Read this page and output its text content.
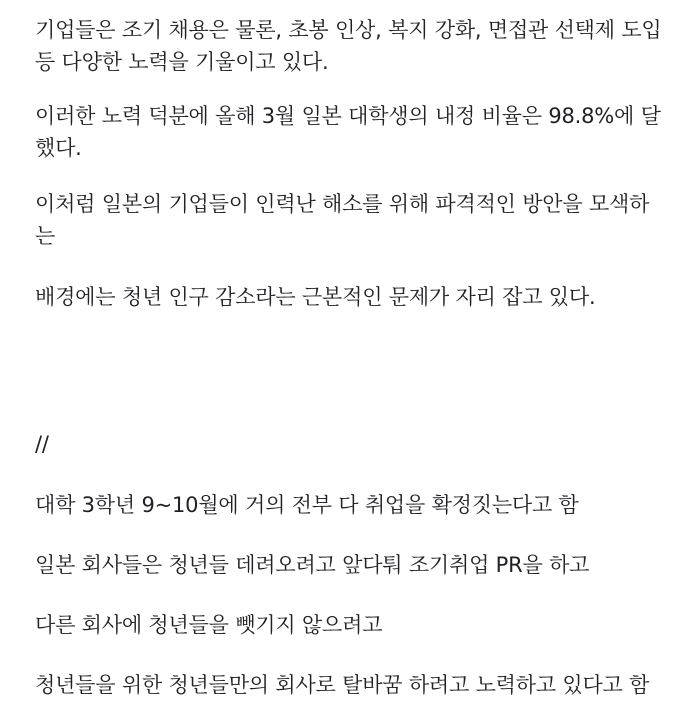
기업들은 조기 채용은 물론, 초봉 인상, 복지 강화, 면접관 선택제 도입
등 다양한 노력을 기울이고 있다.
이러한 노력 덕분에 올해 3월 일본 대학생의 내정 비율은 98.8%에 달
했다.
이처럼 일본의 기업들이 인력난 해소를 위해 파격적인 방안을 모색하
는
배경에는 청년 인구 감소라는 근본적인 문제가 자리 잡고 있다.
//
대학 3학년 9~10월에 거의 전부 다 취업을 확정짓는다고 함
일본 회사들은 청년들 데려오려고 앞다퉈 조기취업 PR을 하고
다른 회사에 청년들을 뺏기지 않으려고
청년들을 위한 청년들만의 회사로 탈바꿈 하려고 노력하고 있다고 함
